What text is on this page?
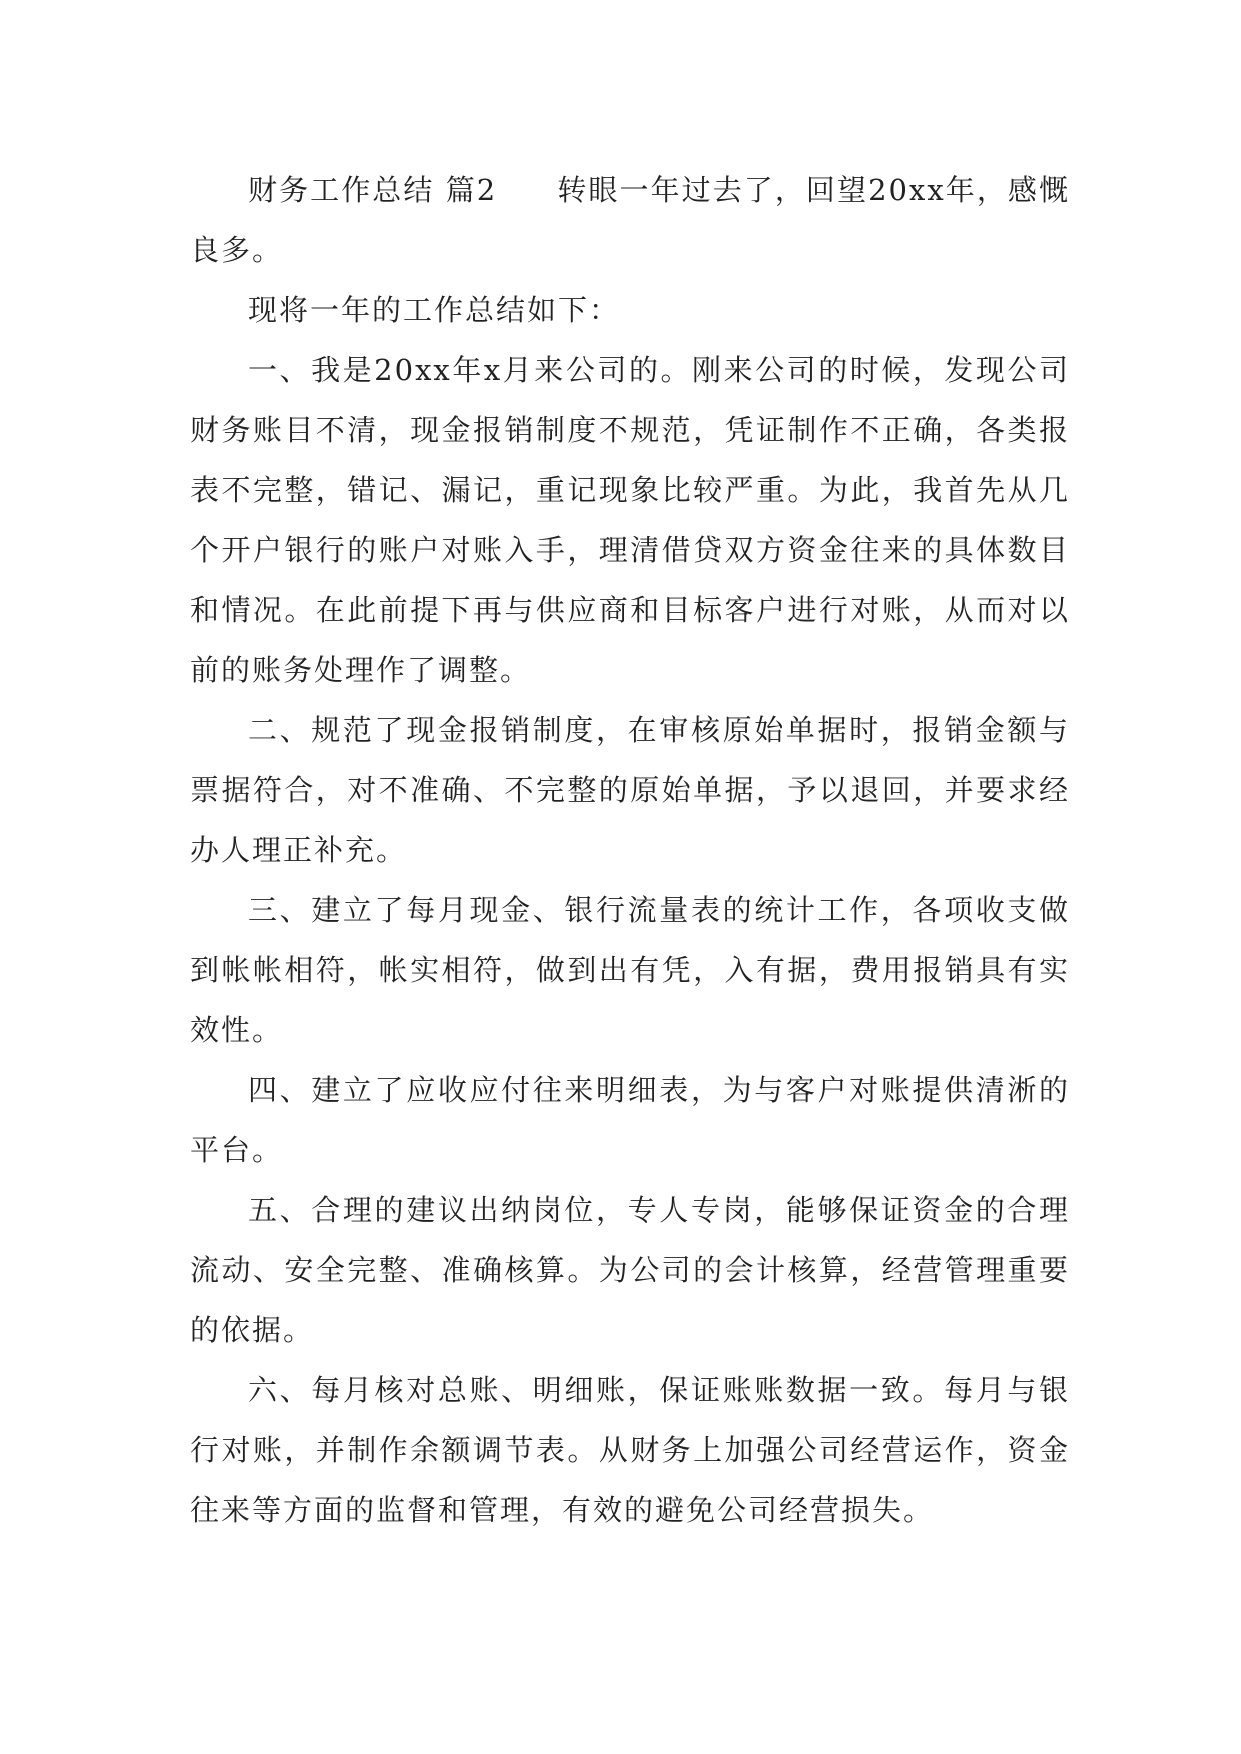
财务工作总结 篇2 转眼一年过去了，回望20xx年，感慨良多。

现将一年的工作总结如下：

一、我是20xx年x月来公司的。刚来公司的时候，发现公司财务账目不清，现金报销制度不规范，凭证制作不正确，各类报表不完整，错记、漏记，重记现象比较严重。为此，我首先从几个开户银行的账户对账入手，理清借贷双方资金往来的具体数目和情况。在此前提下再与供应商和目标客户进行对账，从而对以前的账务处理作了调整。

二、规范了现金报销制度，在审核原始单据时，报销金额与票据符合，对不准确、不完整的原始单据，予以退回，并要求经办人理正补充。

三、建立了每月现金、银行流量表的统计工作，各项收支做到帐帐相符，帐实相符，做到出有凭，入有据，费用报销具有实效性。

四、建立了应收应付往来明细表，为与客户对账提供清淅的平台。

五、合理的建议出纳岗位，专人专岗，能够保证资金的合理流动、安全完整、准确核算。为公司的会计核算，经营管理重要的依据。

六、每月核对总账、明细账，保证账账数据一致。每月与银行对账，并制作余额调节表。从财务上加强公司经营运作，资金往来等方面的监督和管理，有效的避免公司经营损失。
